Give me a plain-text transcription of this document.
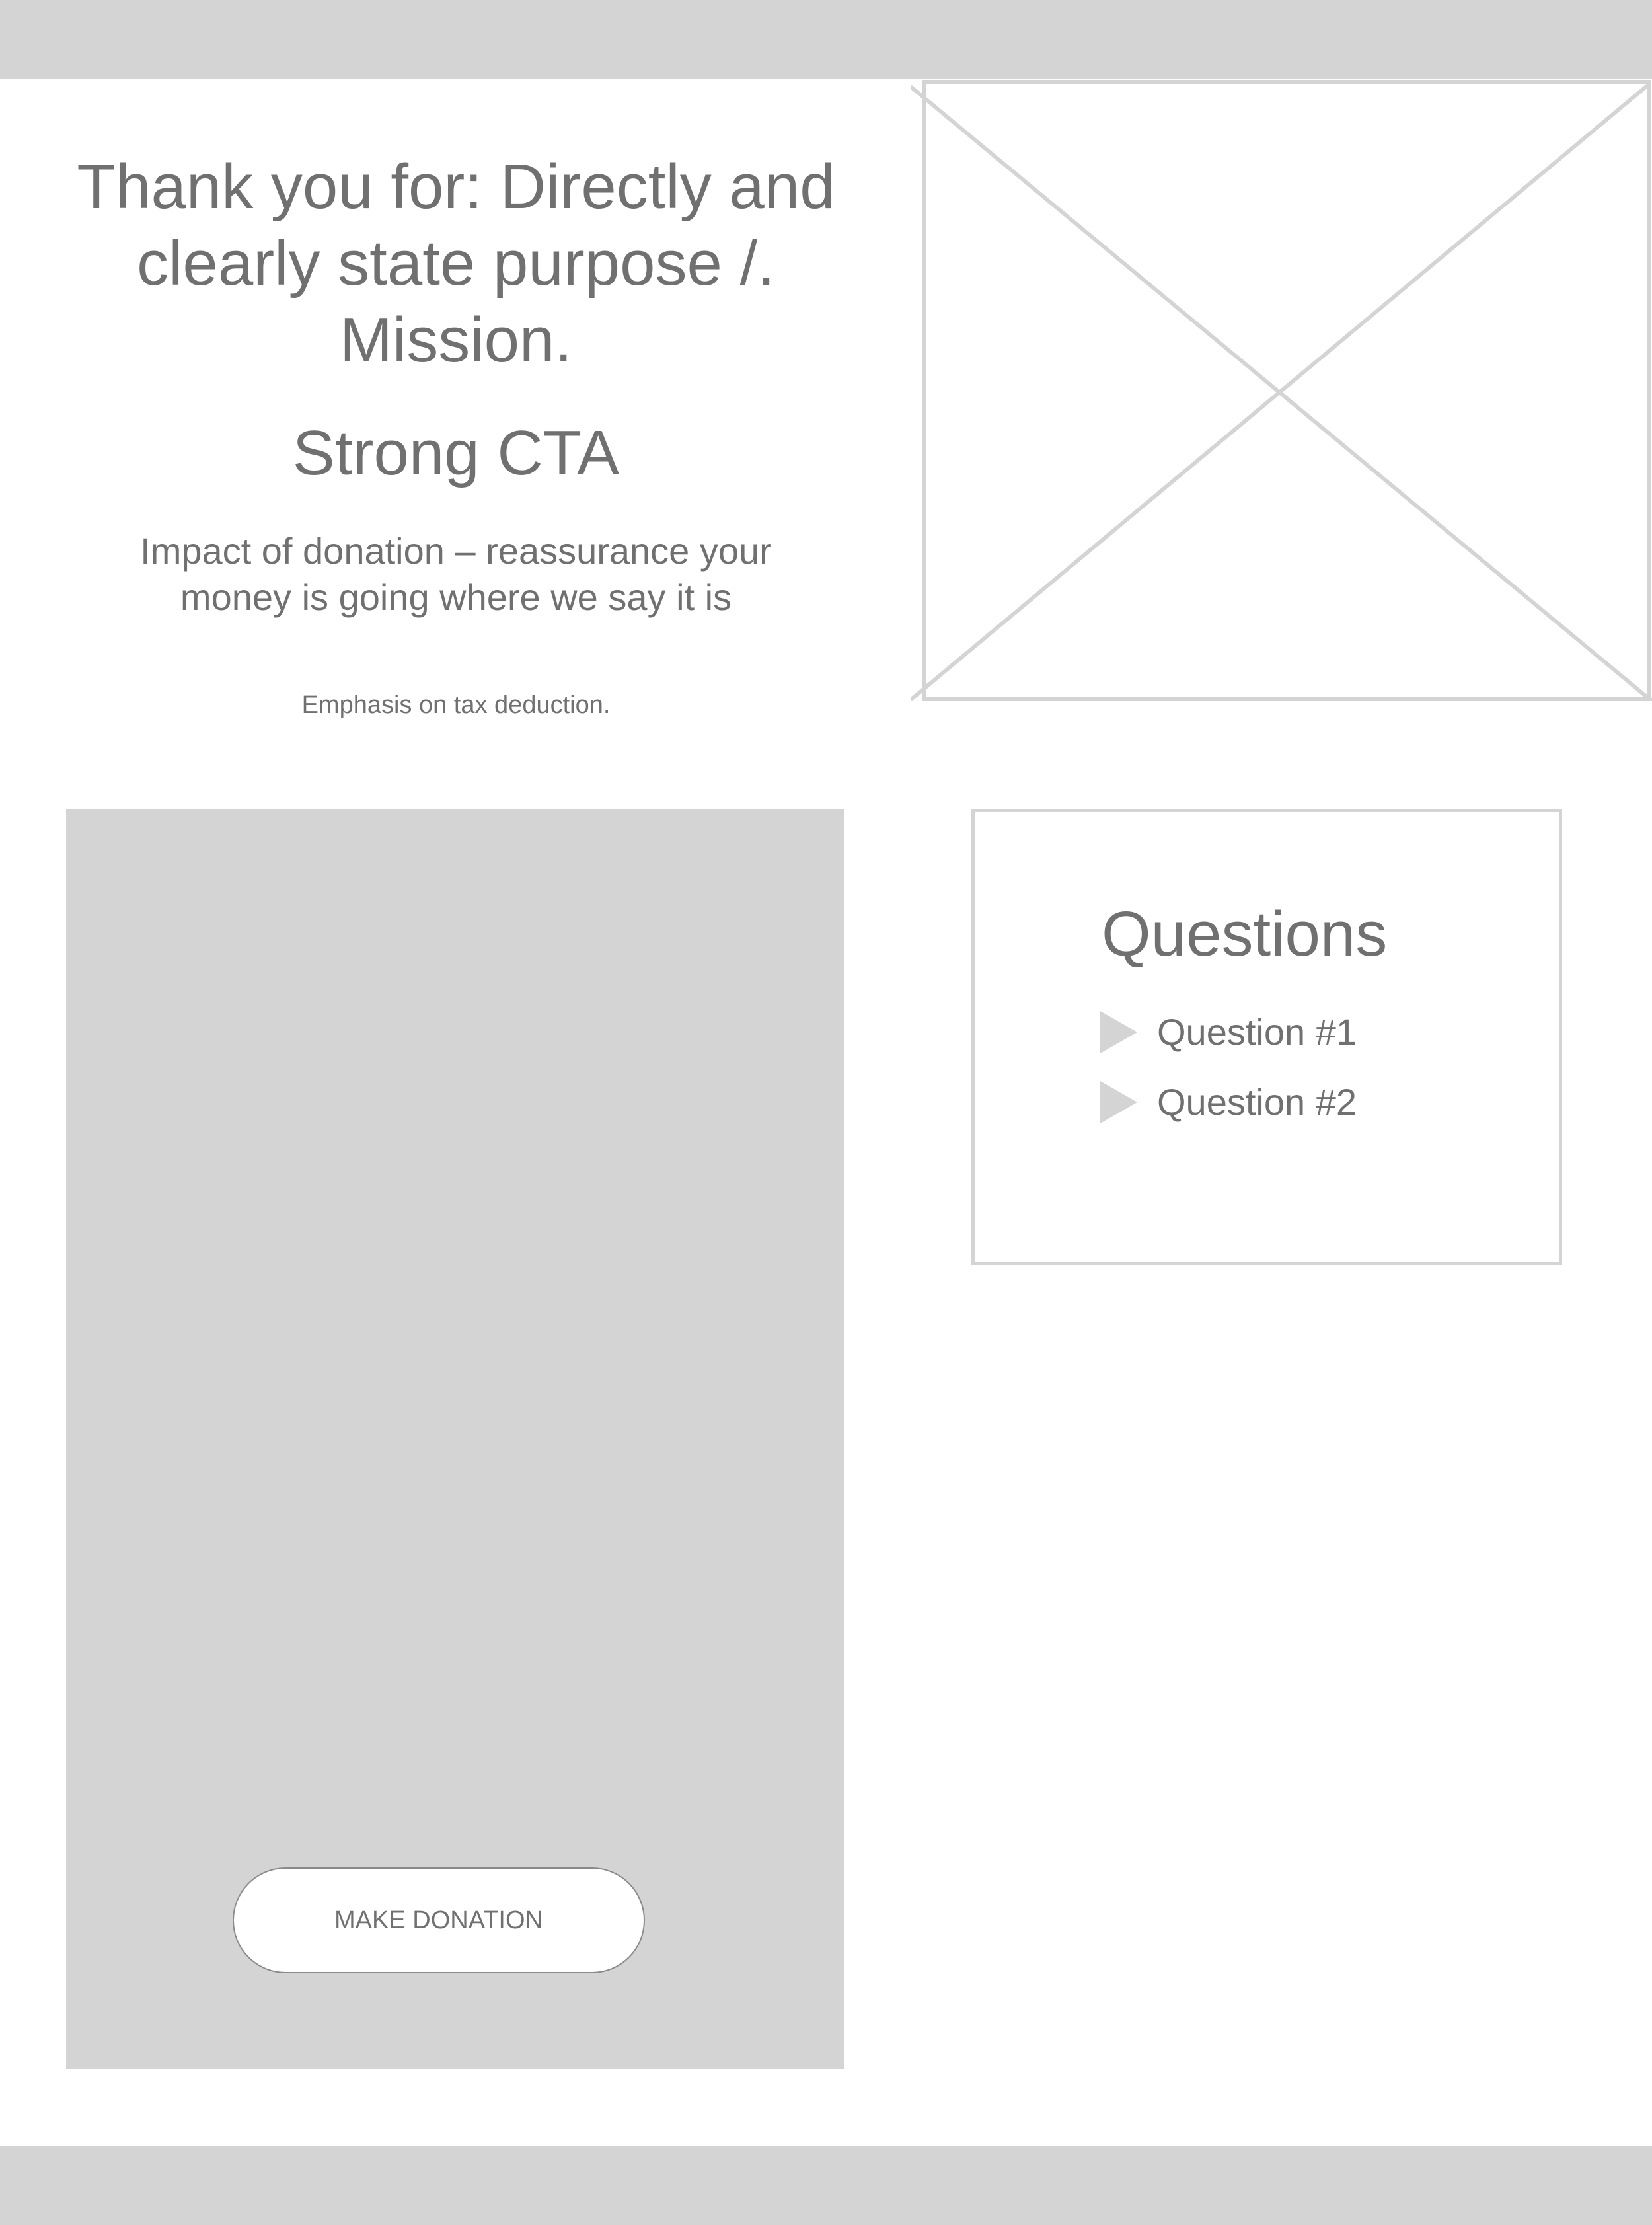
Thank you for: Directly and clearly state purpose /. Mission.
Strong CTA

Impact of donation – reassurance your money is going where we say it is

Emphasis on tax deduction.

MAKE DONATION
Questions
Question #1
Question #2
